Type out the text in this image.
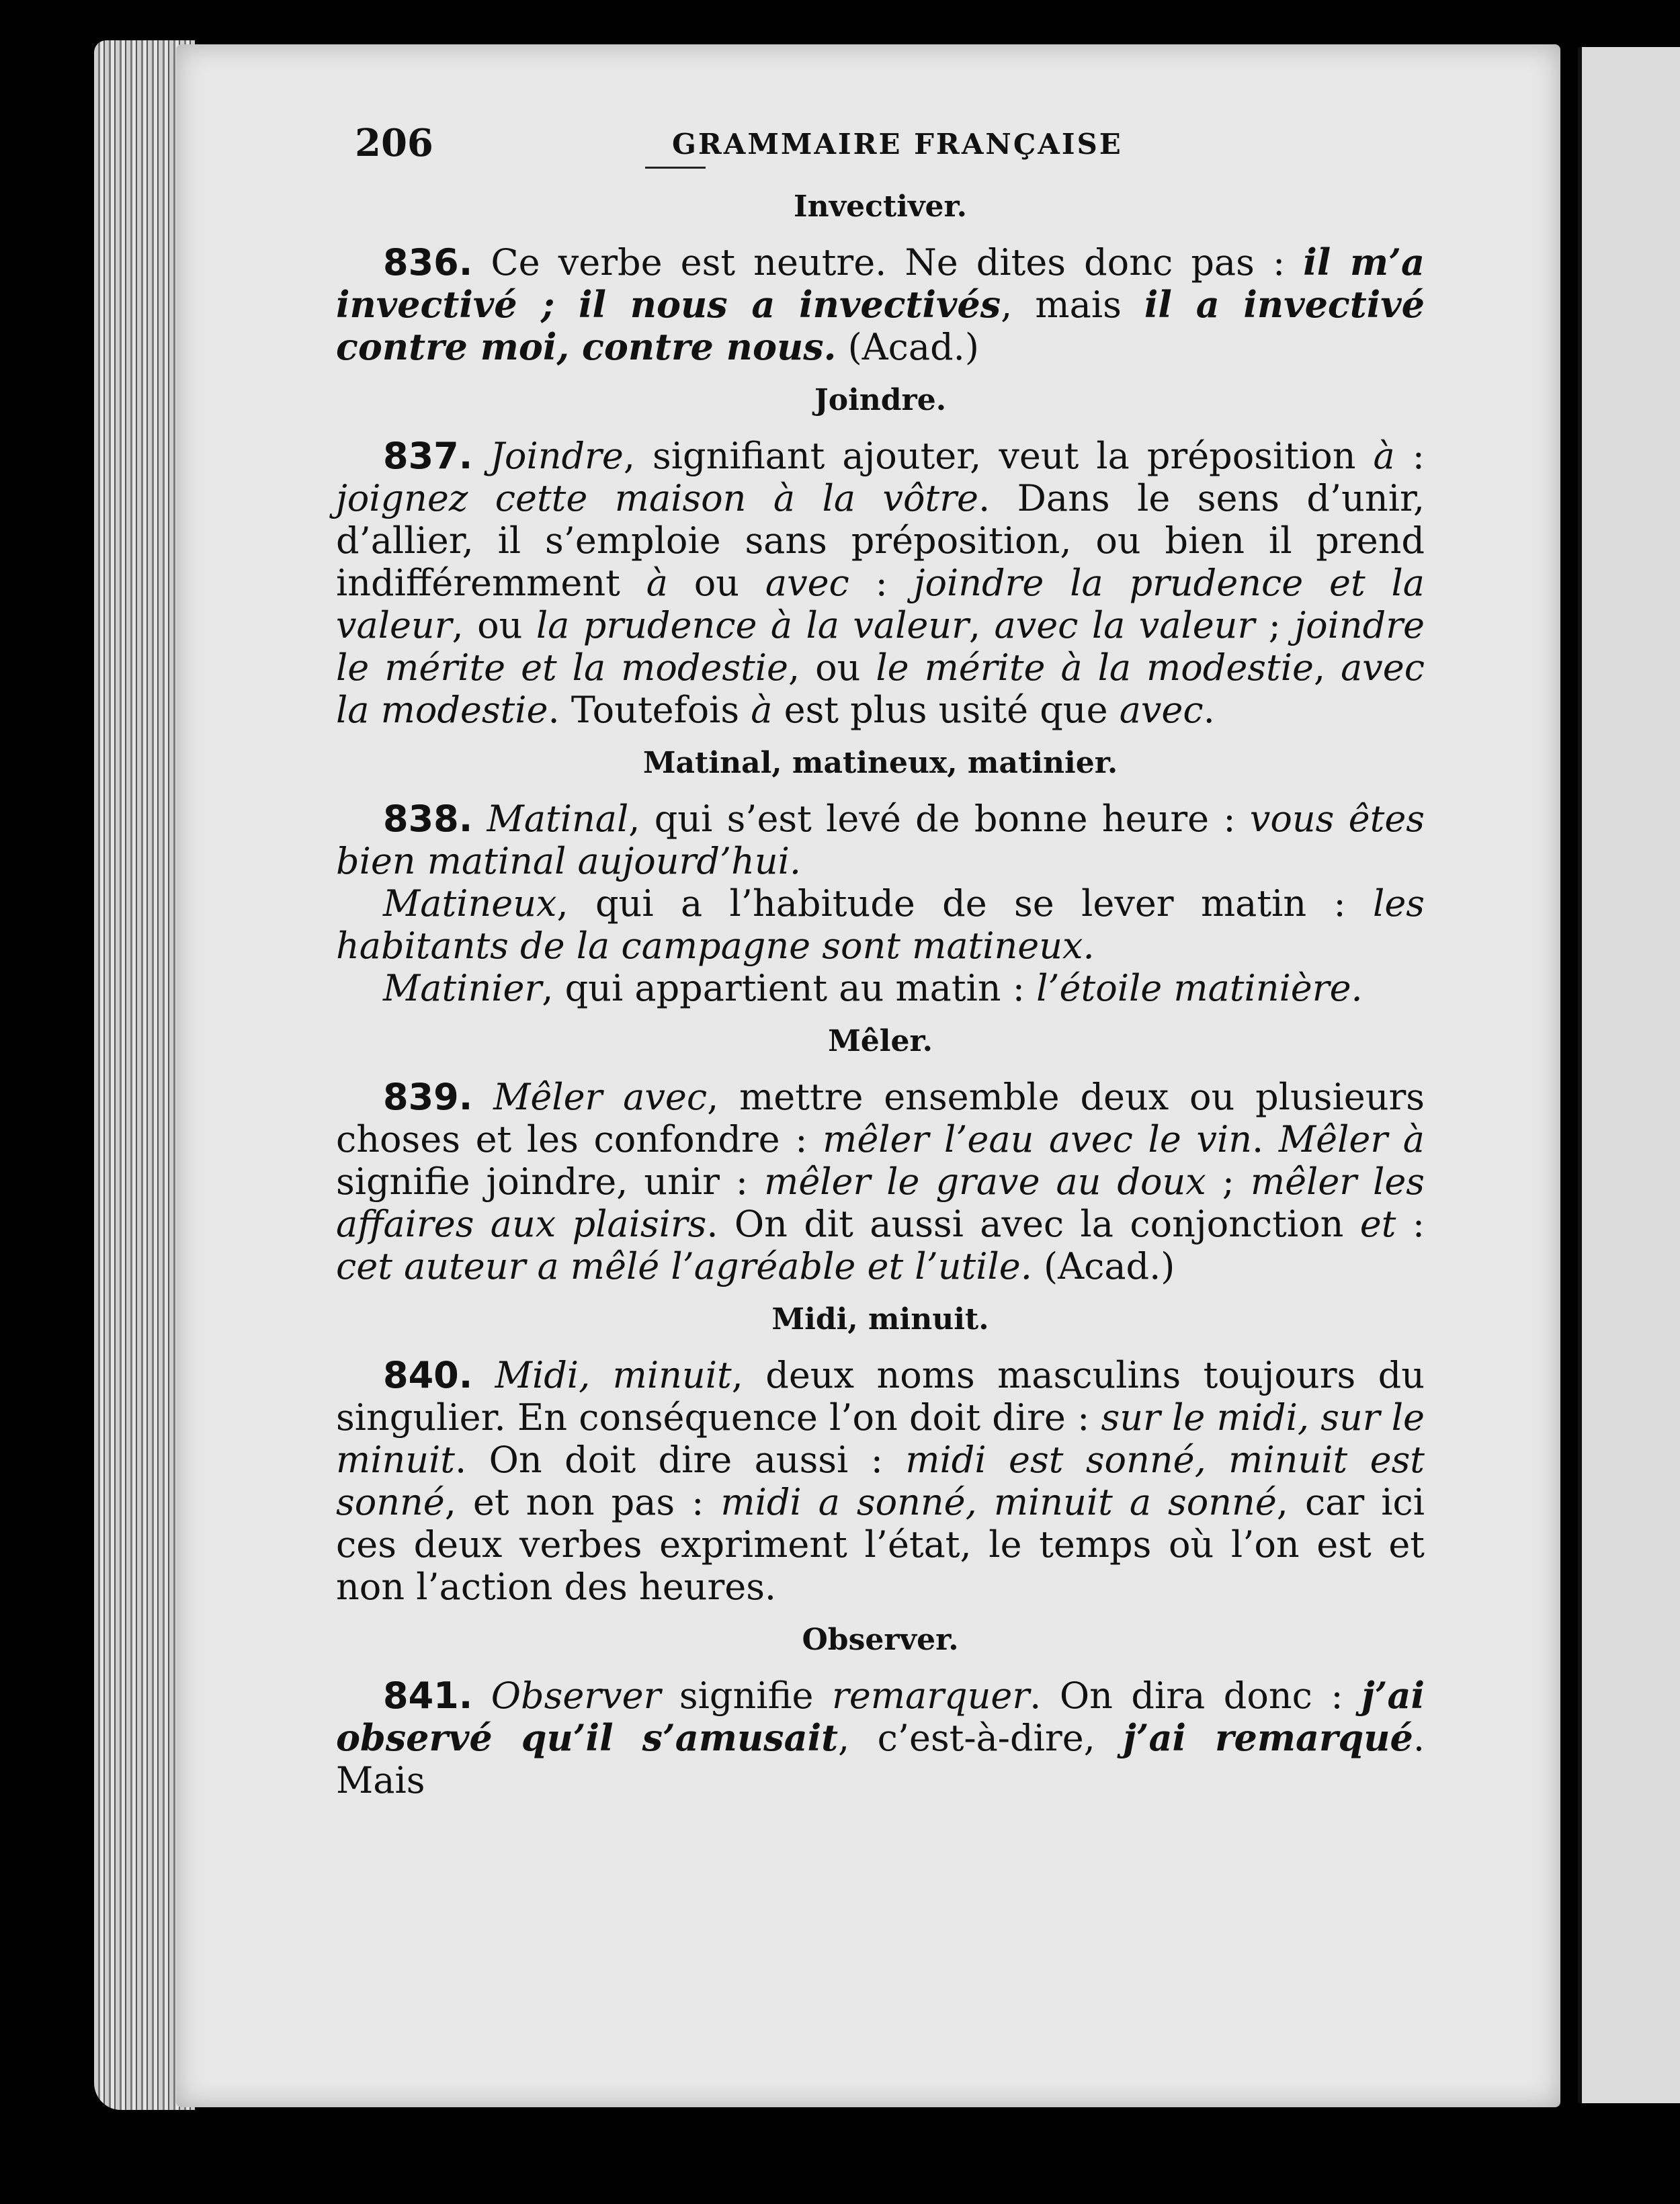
206	GRAMMAIRE FRANÇAISE
Invectiver.

836. Ce verbe est neutre. Ne dites donc pas : il m’a invectivé ; il nous a invectivés, mais il a invectivé contre moi, contre nous. (Acad.)

Joindre.

837. Joindre, signifiant ajouter, veut la préposition à : joignez cette maison à la vôtre. Dans le sens d’unir, d’allier, il s’emploie sans préposition, ou bien il prend indifféremment à ou avec : joindre la prudence et la valeur, ou la prudence à la valeur, avec la valeur ; joindre le mérite et la modestie, ou le mérite à la modestie, avec la modestie. Toutefois à est plus usité que avec.

Matinal, matineux, matinier.

838. Matinal, qui s’est levé de bonne heure : vous êtes bien matinal aujourd’hui.

Matineux, qui a l’habitude de se lever matin : les habitants de la campagne sont matineux.

Matinier, qui appartient au matin : l’étoile matinière.

Mêler.

839. Mêler avec, mettre ensemble deux ou plusieurs choses et les confondre : mêler l’eau avec le vin. Mêler à signifie joindre, unir : mêler le grave au doux ; mêler les affaires aux plaisirs. On dit aussi avec la conjonction et : cet auteur a mêlé l’agréable et l’utile. (Acad.)

Midi, minuit.

840. Midi, minuit, deux noms masculins toujours du singulier. En conséquence l’on doit dire : sur le midi, sur le minuit. On doit dire aussi : midi est sonné, minuit est sonné, et non pas : midi a sonné, minuit a sonné, car ici ces deux verbes expriment l’état, le temps où l’on est et non l’action des heures.

Observer.

841. Observer signifie remarquer. On dira donc : j’ai observé qu’il s’amusait, c’est-à-dire, j’ai remarqué. Mais
